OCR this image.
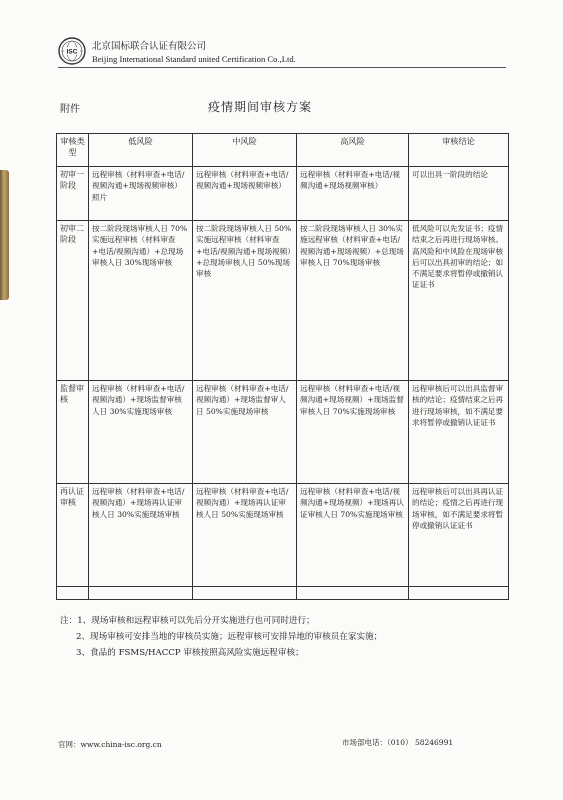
ISC
北京国标联合认证有限公司
Beijing International Standard united Certification Co.,Ltd.
附件	疫情期间审核方案
审核类型	低风险	中风险	高风险	审核结论
初审一阶段	远程审核（材料审查+电话/视频沟通+现场视频审核）照片	远程审核（材料审查+电话/视频沟通+现场视频审核）	远程审核（材料审查+电话/视频沟通+现场视频审核）	可以出具一阶段的结论
初审二阶段	按二阶段现场审核人日 70%实施远程审核（材料审查+电话/视频沟通）+总现场审核人日 30%现场审核	按二阶段现场审核人日 50%实施远程审核（材料审查+电话/视频沟通+现场视频）+总现场审核人日 50%现场审核	按二阶段现场审核人日 30%实施远程审核（材料审查+电话/视频沟通+现场视频）+总现场审核人日 70%现场审核	低风险可以先发证书；疫情结束之后再进行现场审核。高风险和中风险在现场审核后可以出具初审的结论；如不满足要求将暂停或撤销认证证书
监督审核	远程审核（材料审查+电话/视频沟通）+现场监督审核人日 30%实施现场审核	远程审核（材料审查+电话/视频沟通）+现场监督审人日 50%实施现场审核	远程审核（材料审查+电话/视频沟通+现场视频）+现场监督审核人日 70%实施现场审核	远程审核后可以出具监督审核的结论；疫情结束之后再进行现场审核，如不满足要求将暂停或撤销认证证书
再认证审核	远程审核（材料审查+电话/视频沟通）+现场再认证审核人日 30%实施现场审核	远程审核（材料审查+电话/视频沟通）+现场再认证审核人日 50%实施现场审核	远程审核（材料审查+电话/视频沟通+现场视频）+现场再认证审核人日 70%实施现场审核	远程审核后可以出具再认证的结论；疫情之后再进行现场审核，如不满足要求将暂停或撤销认证证书

注：1、现场审核和远程审核可以先后分开实施进行也可同时进行；
2、现场审核可安排当地的审核员实施；远程审核可安排异地的审核员在家实施；
3、食品的 FSMS/HACCP 审核按照高风险实施远程审核；
官网：www.china-isc.org.cn	市场部电话：（010） 58246991
